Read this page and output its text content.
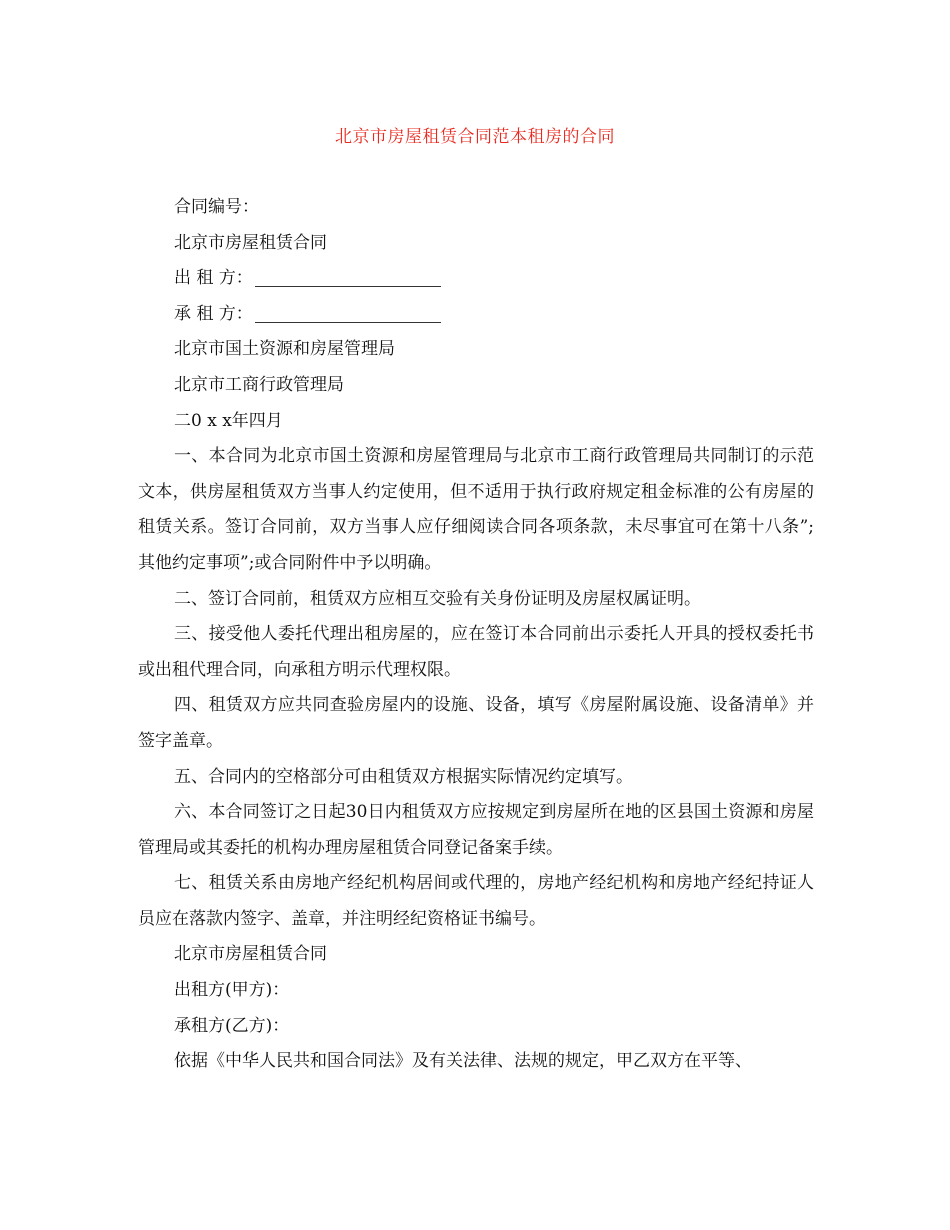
北京市房屋租赁合同范本租房的合同

合同编号：

北京市房屋租赁合同

出 租 方：

承 租 方：

北京市国土资源和房屋管理局

北京市工商行政管理局

二0 x x年四月

一、本合同为北京市国土资源和房屋管理局与北京市工商行政管理局共同制订的示范文本，供房屋租赁双方当事人约定使用，但不适用于执行政府规定租金标准的公有房屋的租赁关系。签订合同前，双方当事人应仔细阅读合同各项条款，未尽事宜可在第十八条”;其他约定事项”;或合同附件中予以明确。

二、签订合同前，租赁双方应相互交验有关身份证明及房屋权属证明。

三、接受他人委托代理出租房屋的，应在签订本合同前出示委托人开具的授权委托书或出租代理合同，向承租方明示代理权限。

四、租赁双方应共同查验房屋内的设施、设备，填写《房屋附属设施、设备清单》并签字盖章。

五、合同内的空格部分可由租赁双方根据实际情况约定填写。

六、本合同签订之日起30日内租赁双方应按规定到房屋所在地的区县国土资源和房屋管理局或其委托的机构办理房屋租赁合同登记备案手续。

七、租赁关系由房地产经纪机构居间或代理的，房地产经纪机构和房地产经纪持证人员应在落款内签字、盖章，并注明经纪资格证书编号。

北京市房屋租赁合同

出租方(甲方)：

承租方(乙方)：

依据《中华人民共和国合同法》及有关法律、法规的规定，甲乙双方在平等、
